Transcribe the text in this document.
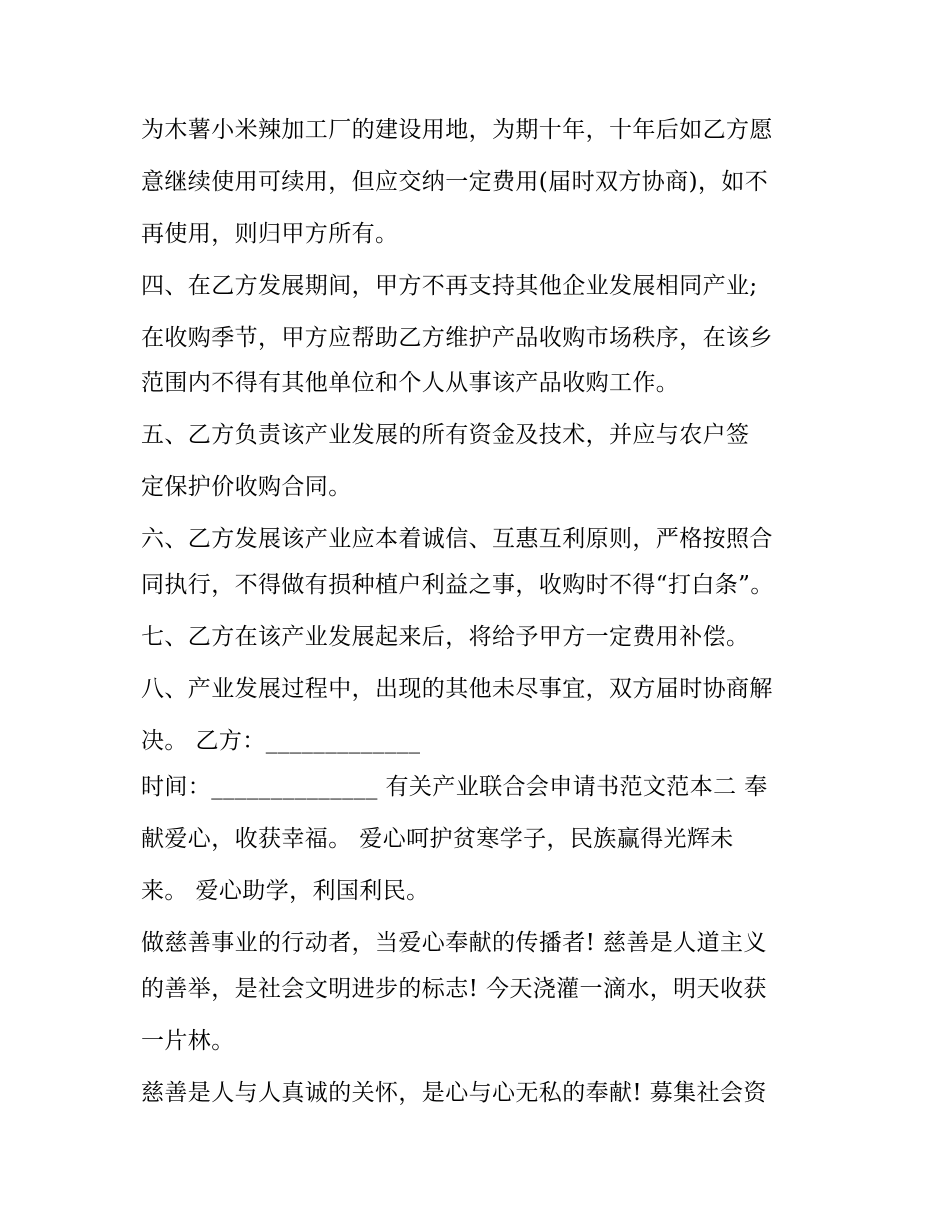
为木薯小米辣加工厂的建设用地，为期十年，十年后如乙方愿
意继续使用可续用，但应交纳一定费用(届时双方协商)，如不
再使用，则归甲方所有。
四、在乙方发展期间，甲方不再支持其他企业发展相同产业;
在收购季节，甲方应帮助乙方维护产品收购市场秩序，在该乡
范围内不得有其他单位和个人从事该产品收购工作。
五、乙方负责该产业发展的所有资金及技术，并应与农户签
定保护价收购合同。
六、乙方发展该产业应本着诚信、互惠互利原则，严格按照合
同执行，不得做有损种植户利益之事，收购时不得“打白条”。
七、乙方在该产业发展起来后，将给予甲方一定费用补偿。
八、产业发展过程中，出现的其他未尽事宜，双方届时协商解
决。 乙方：_____________
时间：______________ 有关产业联合会申请书范文范本二 奉
献爱心，收获幸福。 爱心呵护贫寒学子，民族赢得光辉未
来。 爱心助学，利国利民。
做慈善事业的行动者，当爱心奉献的传播者! 慈善是人道主义
的善举，是社会文明进步的标志! 今天浇灌一滴水，明天收获
一片林。
慈善是人与人真诚的关怀，是心与心无私的奉献! 募集社会资
